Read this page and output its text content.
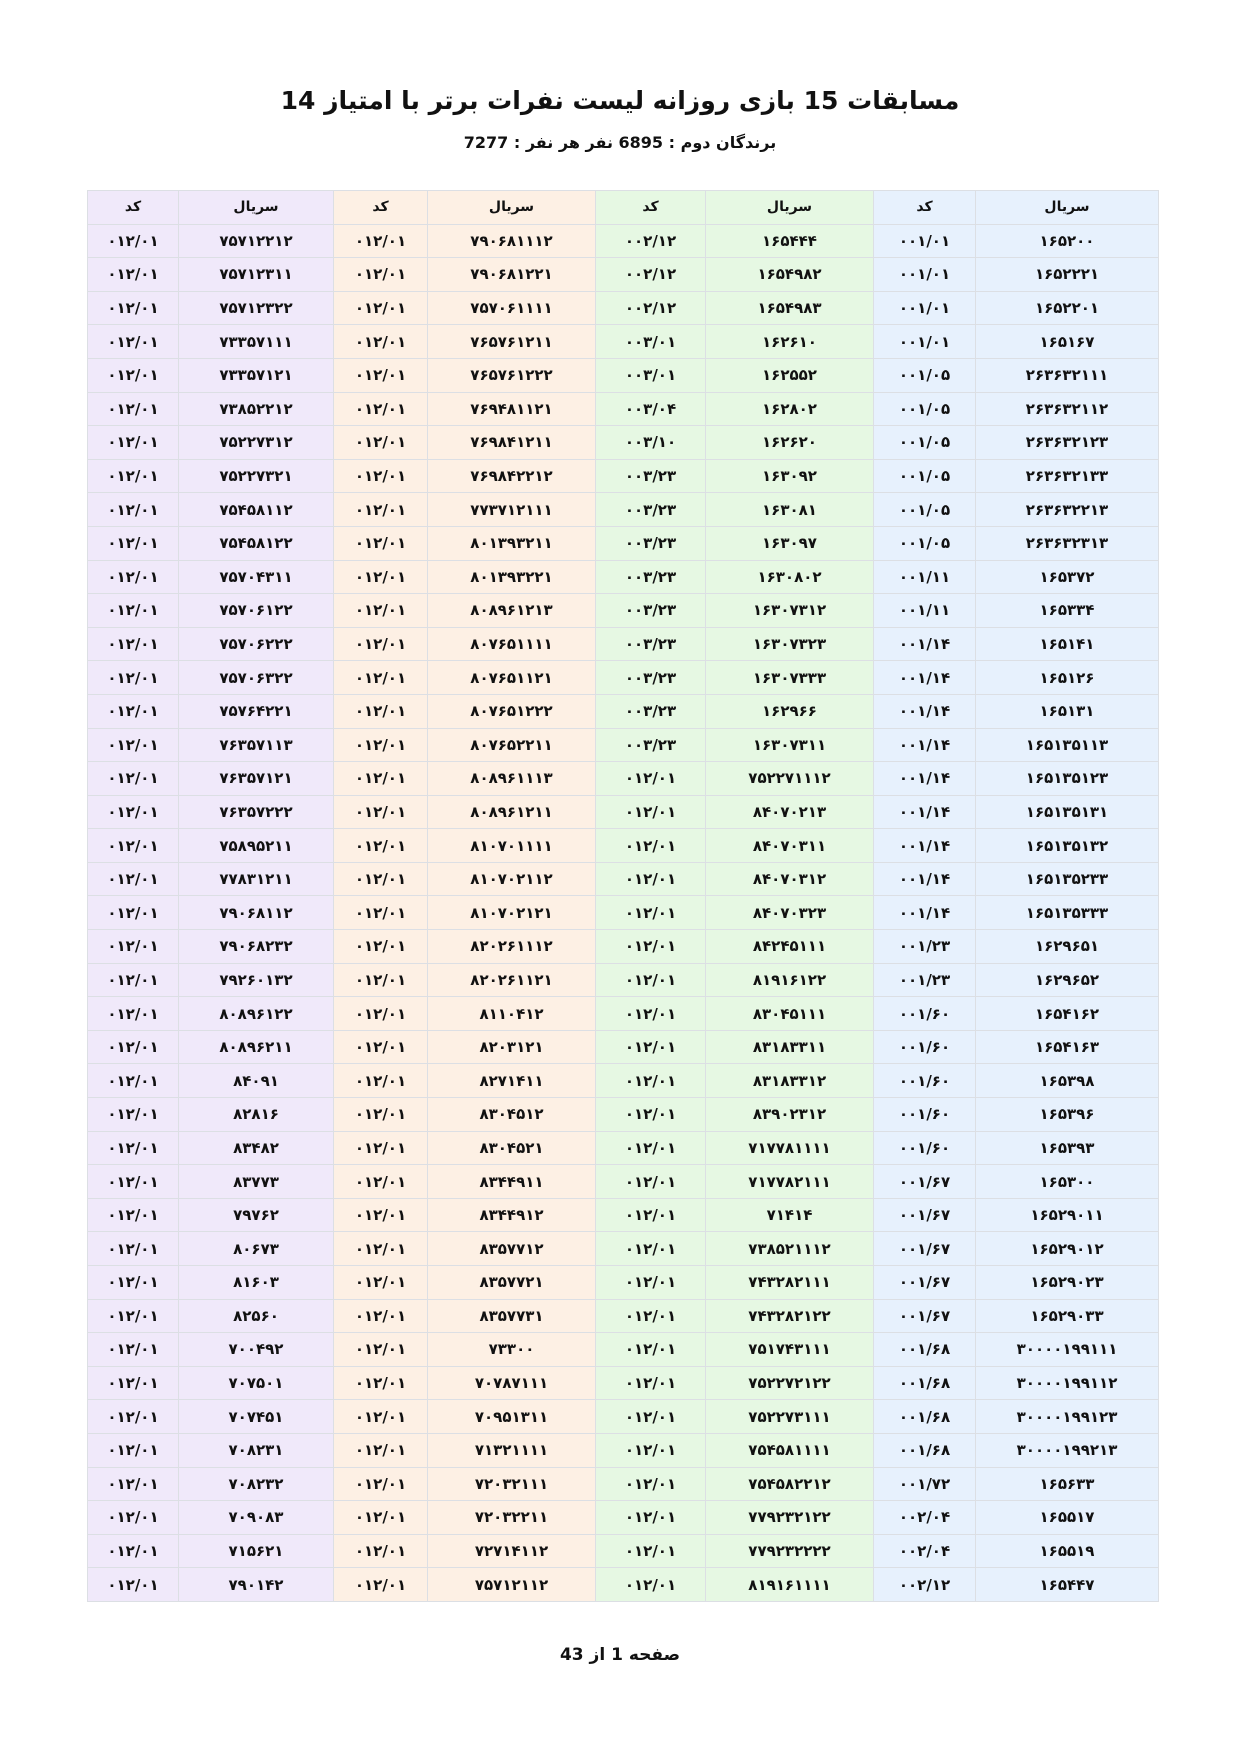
مسابقات 15 بازی روزانه لیست نفرات برتر با امتیاز 14
برندگان دوم : 6895 نفر هر نفر : 7277
سریال	کد	سریال	کد	سریال	کد	سریال	کد
۱۶۵۲۰۰	۰۰۱/۰۱	۱۶۵۴۴۴	۰۰۲/۱۲	۷۹۰۶۸۱۱۱۲	۰۱۲/۰۱	۷۵۷۱۲۲۱۲	۰۱۲/۰۱
۱۶۵۲۲۲۱	۰۰۱/۰۱	۱۶۵۴۹۸۲	۰۰۲/۱۲	۷۹۰۶۸۱۲۲۱	۰۱۲/۰۱	۷۵۷۱۲۳۱۱	۰۱۲/۰۱
۱۶۵۲۲۰۱	۰۰۱/۰۱	۱۶۵۴۹۸۳	۰۰۲/۱۲	۷۵۷۰۶۱۱۱۱	۰۱۲/۰۱	۷۵۷۱۲۳۲۲	۰۱۲/۰۱
۱۶۵۱۶۷	۰۰۱/۰۱	۱۶۲۶۱۰	۰۰۳/۰۱	۷۶۵۷۶۱۲۱۱	۰۱۲/۰۱	۷۳۳۵۷۱۱۱	۰۱۲/۰۱
۲۶۳۶۳۲۱۱۱	۰۰۱/۰۵	۱۶۲۵۵۲	۰۰۳/۰۱	۷۶۵۷۶۱۲۲۲	۰۱۲/۰۱	۷۳۳۵۷۱۲۱	۰۱۲/۰۱
۲۶۳۶۳۲۱۱۲	۰۰۱/۰۵	۱۶۲۸۰۲	۰۰۳/۰۴	۷۶۹۴۸۱۱۲۱	۰۱۲/۰۱	۷۳۸۵۲۲۱۲	۰۱۲/۰۱
۲۶۳۶۳۲۱۲۳	۰۰۱/۰۵	۱۶۲۶۲۰	۰۰۳/۱۰	۷۶۹۸۴۱۲۱۱	۰۱۲/۰۱	۷۵۲۲۷۳۱۲	۰۱۲/۰۱
۲۶۳۶۳۲۱۳۳	۰۰۱/۰۵	۱۶۳۰۹۲	۰۰۳/۲۳	۷۶۹۸۴۲۲۱۲	۰۱۲/۰۱	۷۵۲۲۷۳۲۱	۰۱۲/۰۱
۲۶۳۶۳۲۲۱۳	۰۰۱/۰۵	۱۶۳۰۸۱	۰۰۳/۲۳	۷۷۳۷۱۲۱۱۱	۰۱۲/۰۱	۷۵۴۵۸۱۱۲	۰۱۲/۰۱
۲۶۳۶۳۲۳۱۳	۰۰۱/۰۵	۱۶۳۰۹۷	۰۰۳/۲۳	۸۰۱۳۹۳۲۱۱	۰۱۲/۰۱	۷۵۴۵۸۱۲۲	۰۱۲/۰۱
۱۶۵۳۷۲	۰۰۱/۱۱	۱۶۳۰۸۰۲	۰۰۳/۲۳	۸۰۱۳۹۳۲۲۱	۰۱۲/۰۱	۷۵۷۰۴۳۱۱	۰۱۲/۰۱
۱۶۵۳۳۴	۰۰۱/۱۱	۱۶۳۰۷۳۱۲	۰۰۳/۲۳	۸۰۸۹۶۱۲۱۳	۰۱۲/۰۱	۷۵۷۰۶۱۲۲	۰۱۲/۰۱
۱۶۵۱۴۱	۰۰۱/۱۴	۱۶۳۰۷۳۲۳	۰۰۳/۲۳	۸۰۷۶۵۱۱۱۱	۰۱۲/۰۱	۷۵۷۰۶۲۲۲	۰۱۲/۰۱
۱۶۵۱۲۶	۰۰۱/۱۴	۱۶۳۰۷۳۳۳	۰۰۳/۲۳	۸۰۷۶۵۱۱۲۱	۰۱۲/۰۱	۷۵۷۰۶۳۲۲	۰۱۲/۰۱
۱۶۵۱۳۱	۰۰۱/۱۴	۱۶۲۹۶۶	۰۰۳/۲۳	۸۰۷۶۵۱۲۲۲	۰۱۲/۰۱	۷۵۷۶۴۲۲۱	۰۱۲/۰۱
۱۶۵۱۳۵۱۱۳	۰۰۱/۱۴	۱۶۳۰۷۳۱۱	۰۰۳/۲۳	۸۰۷۶۵۲۲۱۱	۰۱۲/۰۱	۷۶۳۵۷۱۱۳	۰۱۲/۰۱
۱۶۵۱۳۵۱۲۳	۰۰۱/۱۴	۷۵۲۲۷۱۱۱۲	۰۱۲/۰۱	۸۰۸۹۶۱۱۱۳	۰۱۲/۰۱	۷۶۳۵۷۱۲۱	۰۱۲/۰۱
۱۶۵۱۳۵۱۳۱	۰۰۱/۱۴	۸۴۰۷۰۲۱۳	۰۱۲/۰۱	۸۰۸۹۶۱۲۱۱	۰۱۲/۰۱	۷۶۳۵۷۲۲۲	۰۱۲/۰۱
۱۶۵۱۳۵۱۳۲	۰۰۱/۱۴	۸۴۰۷۰۳۱۱	۰۱۲/۰۱	۸۱۰۷۰۱۱۱۱	۰۱۲/۰۱	۷۵۸۹۵۲۱۱	۰۱۲/۰۱
۱۶۵۱۳۵۲۳۳	۰۰۱/۱۴	۸۴۰۷۰۳۱۲	۰۱۲/۰۱	۸۱۰۷۰۲۱۱۲	۰۱۲/۰۱	۷۷۸۳۱۲۱۱	۰۱۲/۰۱
۱۶۵۱۳۵۳۳۳	۰۰۱/۱۴	۸۴۰۷۰۳۲۳	۰۱۲/۰۱	۸۱۰۷۰۲۱۲۱	۰۱۲/۰۱	۷۹۰۶۸۱۱۲	۰۱۲/۰۱
۱۶۲۹۶۵۱	۰۰۱/۲۳	۸۴۲۴۵۱۱۱	۰۱۲/۰۱	۸۲۰۲۶۱۱۱۲	۰۱۲/۰۱	۷۹۰۶۸۲۳۲	۰۱۲/۰۱
۱۶۲۹۶۵۲	۰۰۱/۲۳	۸۱۹۱۶۱۲۲	۰۱۲/۰۱	۸۲۰۲۶۱۱۲۱	۰۱۲/۰۱	۷۹۲۶۰۱۳۲	۰۱۲/۰۱
۱۶۵۴۱۶۲	۰۰۱/۶۰	۸۳۰۴۵۱۱۱	۰۱۲/۰۱	۸۱۱۰۴۱۲	۰۱۲/۰۱	۸۰۸۹۶۱۲۲	۰۱۲/۰۱
۱۶۵۴۱۶۳	۰۰۱/۶۰	۸۳۱۸۳۳۱۱	۰۱۲/۰۱	۸۲۰۳۱۲۱	۰۱۲/۰۱	۸۰۸۹۶۲۱۱	۰۱۲/۰۱
۱۶۵۳۹۸	۰۰۱/۶۰	۸۳۱۸۳۳۱۲	۰۱۲/۰۱	۸۲۷۱۴۱۱	۰۱۲/۰۱	۸۴۰۹۱	۰۱۲/۰۱
۱۶۵۳۹۶	۰۰۱/۶۰	۸۳۹۰۲۳۱۲	۰۱۲/۰۱	۸۳۰۴۵۱۲	۰۱۲/۰۱	۸۲۸۱۶	۰۱۲/۰۱
۱۶۵۳۹۳	۰۰۱/۶۰	۷۱۷۷۸۱۱۱۱	۰۱۲/۰۱	۸۳۰۴۵۲۱	۰۱۲/۰۱	۸۳۴۸۲	۰۱۲/۰۱
۱۶۵۳۰۰	۰۰۱/۶۷	۷۱۷۷۸۲۱۱۱	۰۱۲/۰۱	۸۳۴۴۹۱۱	۰۱۲/۰۱	۸۳۷۷۳	۰۱۲/۰۱
۱۶۵۲۹۰۱۱	۰۰۱/۶۷	۷۱۴۱۴	۰۱۲/۰۱	۸۳۴۴۹۱۲	۰۱۲/۰۱	۷۹۷۶۲	۰۱۲/۰۱
۱۶۵۲۹۰۱۲	۰۰۱/۶۷	۷۳۸۵۲۱۱۱۲	۰۱۲/۰۱	۸۳۵۷۷۱۲	۰۱۲/۰۱	۸۰۶۷۳	۰۱۲/۰۱
۱۶۵۲۹۰۲۳	۰۰۱/۶۷	۷۴۳۲۸۲۱۱۱	۰۱۲/۰۱	۸۳۵۷۷۲۱	۰۱۲/۰۱	۸۱۶۰۳	۰۱۲/۰۱
۱۶۵۲۹۰۳۳	۰۰۱/۶۷	۷۴۳۲۸۲۱۲۲	۰۱۲/۰۱	۸۳۵۷۷۳۱	۰۱۲/۰۱	۸۲۵۶۰	۰۱۲/۰۱
۳۰۰۰۰۱۹۹۱۱۱	۰۰۱/۶۸	۷۵۱۷۴۳۱۱۱	۰۱۲/۰۱	۷۳۳۰۰	۰۱۲/۰۱	۷۰۰۴۹۲	۰۱۲/۰۱
۳۰۰۰۰۱۹۹۱۱۲	۰۰۱/۶۸	۷۵۲۲۷۲۱۲۲	۰۱۲/۰۱	۷۰۷۸۷۱۱۱	۰۱۲/۰۱	۷۰۷۵۰۱	۰۱۲/۰۱
۳۰۰۰۰۱۹۹۱۲۳	۰۰۱/۶۸	۷۵۲۲۷۳۱۱۱	۰۱۲/۰۱	۷۰۹۵۱۳۱۱	۰۱۲/۰۱	۷۰۷۴۵۱	۰۱۲/۰۱
۳۰۰۰۰۱۹۹۲۱۳	۰۰۱/۶۸	۷۵۴۵۸۱۱۱۱	۰۱۲/۰۱	۷۱۳۲۱۱۱۱	۰۱۲/۰۱	۷۰۸۲۳۱	۰۱۲/۰۱
۱۶۵۶۳۳	۰۰۱/۷۲	۷۵۴۵۸۲۲۱۲	۰۱۲/۰۱	۷۲۰۳۲۱۱۱	۰۱۲/۰۱	۷۰۸۲۳۲	۰۱۲/۰۱
۱۶۵۵۱۷	۰۰۲/۰۴	۷۷۹۲۳۲۱۲۲	۰۱۲/۰۱	۷۲۰۳۲۲۱۱	۰۱۲/۰۱	۷۰۹۰۸۳	۰۱۲/۰۱
۱۶۵۵۱۹	۰۰۲/۰۴	۷۷۹۲۳۲۲۲۲	۰۱۲/۰۱	۷۲۷۱۴۱۱۲	۰۱۲/۰۱	۷۱۵۶۲۱	۰۱۲/۰۱
۱۶۵۴۴۷	۰۰۲/۱۲	۸۱۹۱۶۱۱۱۱	۰۱۲/۰۱	۷۵۷۱۲۱۱۲	۰۱۲/۰۱	۷۹۰۱۴۲	۰۱۲/۰۱
صفحه 1 از 43
